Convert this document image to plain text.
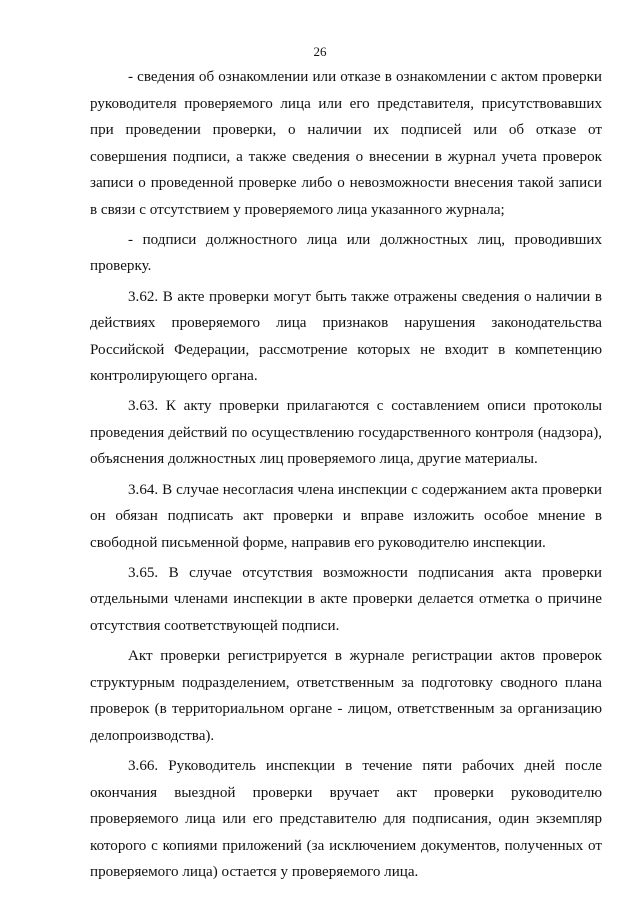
26

- сведения об ознакомлении или отказе в ознакомлении с актом проверки руководителя проверяемого лица или его представителя, присутствовавших при проведении проверки, о наличии их подписей или об отказе от совершения подписи, а также сведения о внесении в журнал учета проверок записи о проведенной проверке либо о невозможности внесения такой записи в связи с отсутствием у проверяемого лица указанного журнала;

- подписи должностного лица или должностных лиц, проводивших проверку.

3.62. В акте проверки могут быть также отражены сведения о наличии в действиях проверяемого лица признаков нарушения законодательства Российской Федерации, рассмотрение которых не входит в компетенцию контролирующего органа.

3.63. К акту проверки прилагаются с составлением описи протоколы проведения действий по осуществлению государственного контроля (надзора), объяснения должностных лиц проверяемого лица, другие материалы.

3.64. В случае несогласия члена инспекции с содержанием акта проверки он обязан подписать акт проверки и вправе изложить особое мнение в свободной письменной форме, направив его руководителю инспекции.

3.65. В случае отсутствия возможности подписания акта проверки отдельными членами инспекции в акте проверки делается отметка о причине отсутствия соответствующей подписи.

Акт проверки регистрируется в журнале регистрации актов проверок структурным подразделением, ответственным за подготовку сводного плана проверок (в территориальном органе - лицом, ответственным за организацию делопроизводства).

3.66. Руководитель инспекции в течение пяти рабочих дней после окончания выездной проверки вручает акт проверки руководителю проверяемого лица или его представителю для подписания, один экземпляр которого с копиями приложений (за исключением документов, полученных от проверяемого лица) остается у проверяемого лица.
